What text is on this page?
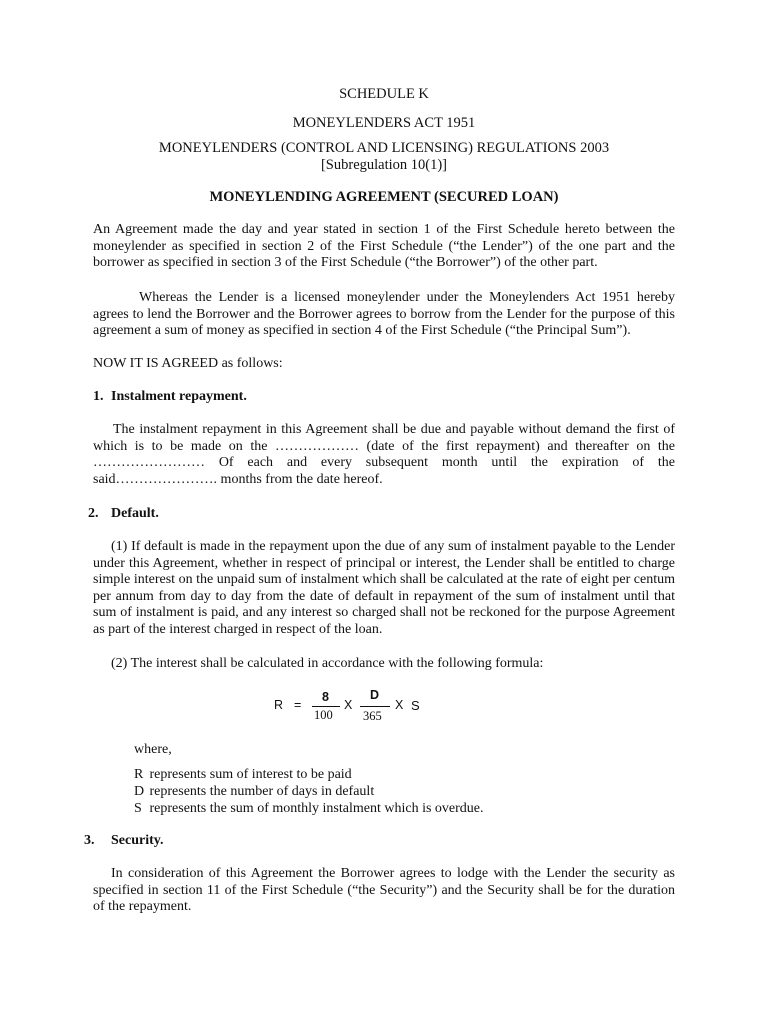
SCHEDULE K
MONEYLENDERS ACT 1951
MONEYLENDERS (CONTROL AND LICENSING) REGULATIONS 2003
[Subregulation 10(1)]
MONEYLENDING AGREEMENT (SECURED LOAN)
An Agreement made the day and year stated in section 1 of the First Schedule hereto between the moneylender as specified in section 2 of the First Schedule (“the Lender”) of the one part and the borrower as specified in section 3 of the First Schedule (“the Borrower”) of the other part.
Whereas the Lender is a licensed moneylender under the Moneylenders Act 1951 hereby agrees to lend the Borrower and the Borrower agrees to borrow from the Lender for the purpose of this agreement a sum of money as specified in section 4 of the First Schedule (“the Principal Sum”).
NOW IT IS AGREED as follows:
1. Instalment repayment.
The instalment repayment in this Agreement shall be due and payable without demand the first of which is to be made on the ……………… (date of the first repayment) and thereafter on the …………………… Of each and every subsequent month until the expiration of the said…………………. months from the date hereof.
2. Default.
(1) If default is made in the repayment upon the due of any sum of instalment payable to the Lender under this Agreement, whether in respect of principal or interest, the Lender shall be entitled to charge simple interest on the unpaid sum of instalment which shall be calculated at the rate of eight per centum per annum from day to day from the date of default in repayment of the sum of instalment until that sum of instalment is paid, and any interest so charged shall not be reckoned for the purpose Agreement as part of the interest charged in respect of the loan.
(2) The interest shall be calculated in accordance with the following formula:
R =
8
100
X
D
365
X S
where,
R represents sum of interest to be paid
D represents the number of days in default
S represents the sum of monthly instalment which is overdue.
3. Security.
In consideration of this Agreement the Borrower agrees to lodge with the Lender the security as specified in section 11 of the First Schedule (“the Security”) and the Security shall be for the duration of the repayment.
